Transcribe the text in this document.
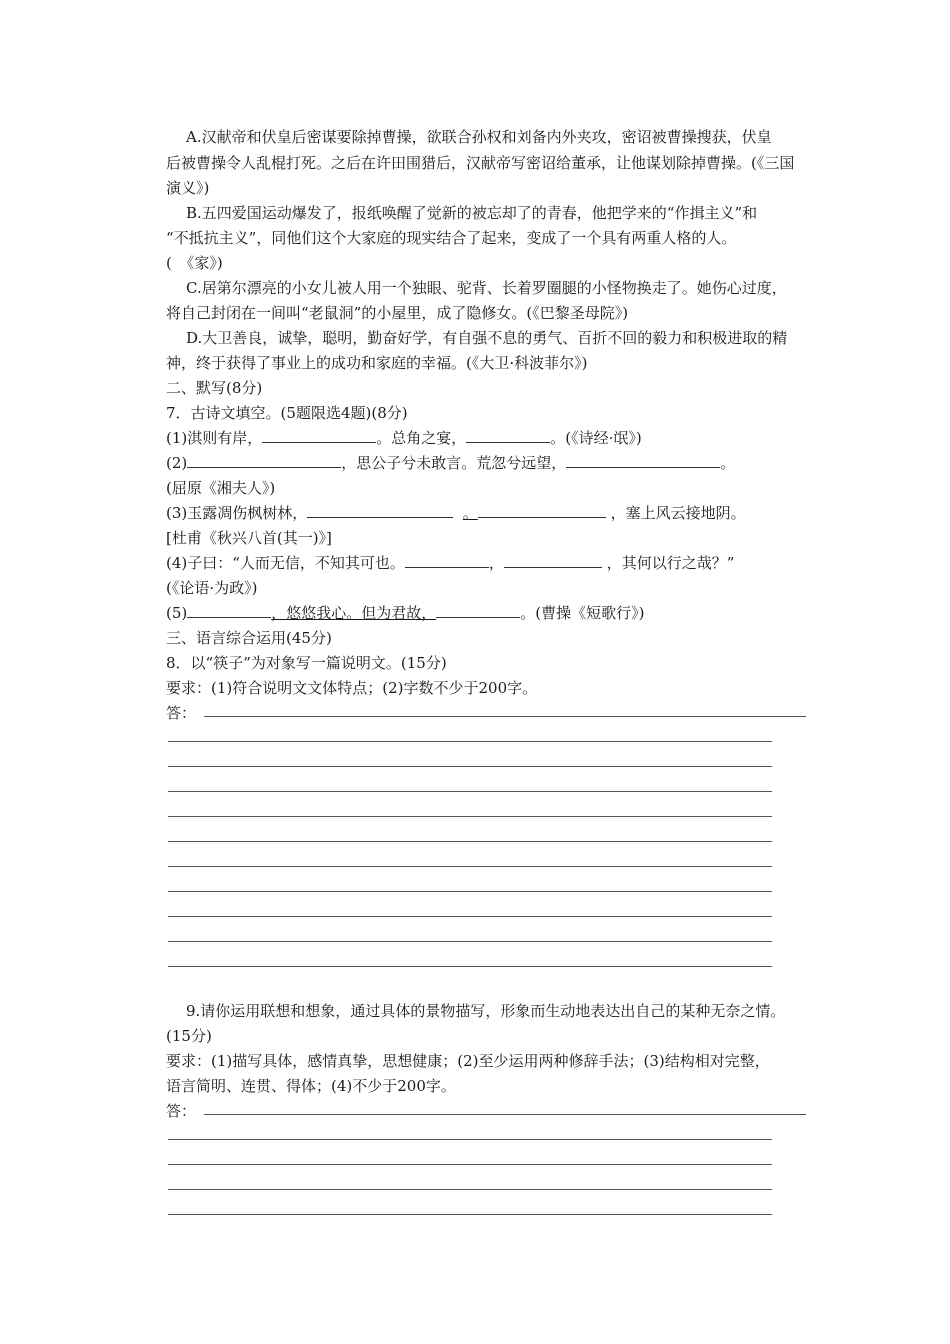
A.汉献帝和伏皇后密谋要除掉曹操，欲联合孙权和刘备内外夹攻，密诏被曹操搜获，伏皇
后被曹操令人乱棍打死。之后在许田围猎后，汉献帝写密诏给董承，让他谋划除掉曹操。(《三国
演义》)
B.五四爱国运动爆发了，报纸唤醒了觉新的被忘却了的青春，他把学来的“作揖主义”和
“不抵抗主义”，同他们这个大家庭的现实结合了起来，变成了一个具有两重人格的人。
(　《家》)
C.居第尔漂亮的小女儿被人用一个独眼、驼背、长着罗圈腿的小怪物换走了。她伤心过度，
将自己封闭在一间叫“老鼠洞”的小屋里，成了隐修女。(《巴黎圣母院》)
D.大卫善良，诚挚，聪明，勤奋好学，有自强不息的勇气、百折不回的毅力和积极进取的精
神，终于获得了事业上的成功和家庭的幸福。(《大卫·科波菲尔》)
二、默写(8分)
7．古诗文填空。(5题限选4题)(8分)
(1)淇则有岸，	。总角之宴，	。(《诗经·氓》)
(2)	，思公子兮未敢言。荒忽兮远望，	。
(屈原《湘夫人》)
(3)玉露凋伤枫树林，	。	，塞上风云接地阴。
[杜甫《秋兴八首(其一)》]
(4)子曰：“人而无信，不知其可也。	，	，其何以行之哉？”
(《论语·为政》)
(5)	，悠悠我心。但为君故，	。(曹操《短歌行》)
三、语言综合运用(45分)
8．以“筷子”为对象写一篇说明文。(15分)
要求：(1)符合说明文文体特点；(2)字数不少于200字。
答：
9.请你运用联想和想象，通过具体的景物描写，形象而生动地表达出自己的某种无奈之情。
(15分)
要求：(1)描写具体，感情真挚，思想健康；(2)至少运用两种修辞手法；(3)结构相对完整，
语言简明、连贯、得体；(4)不少于200字。
答：
